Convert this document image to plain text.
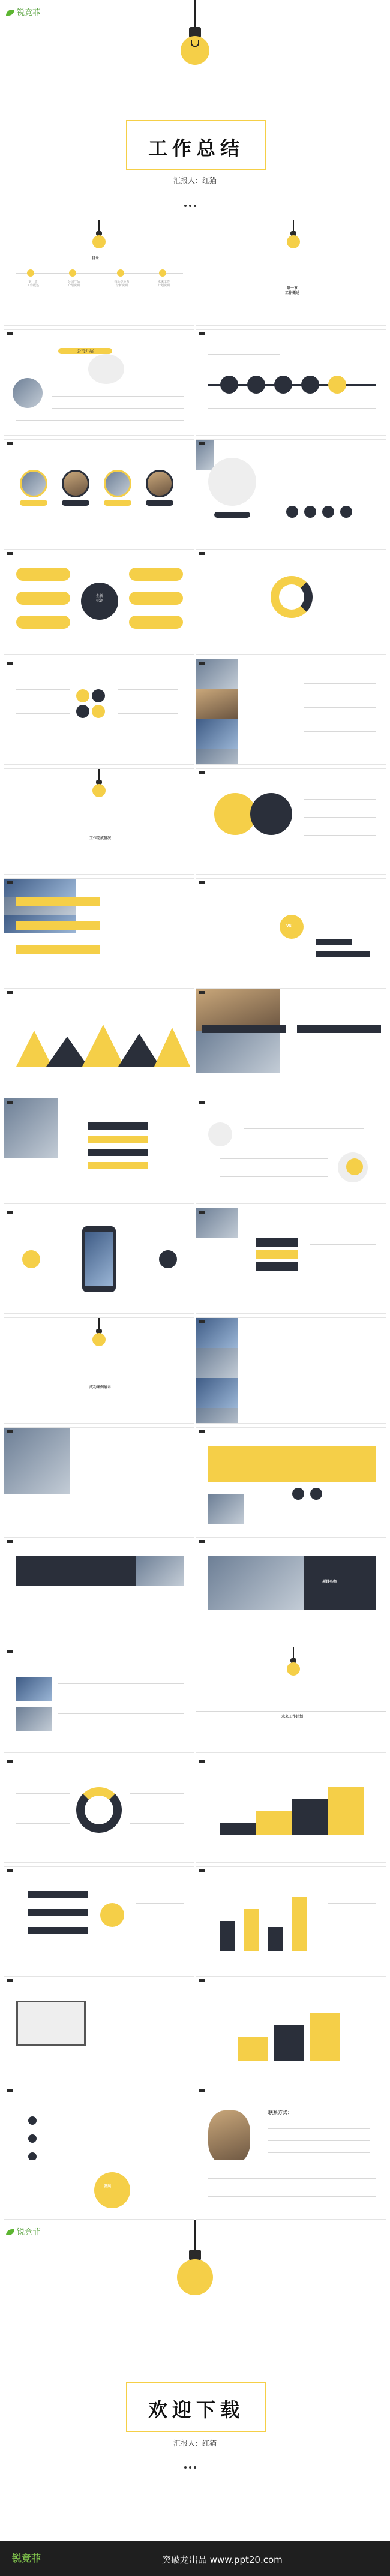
锐竞菲
工作总结
汇报人：红猫
目录
第一章
工作概述
公司产品
介绍说明
核心竞争力
分析说明
未来工作
计划说明
第一章
工作概述
公司介绍
全新
标题
工作完成情况
VS
成功案例展示
项目名称
未来工作计划
联系方式：
发展
锐竞菲
欢迎下载
汇报人：红猫
锐竞菲	突破龙出品 www.ppt20.com
